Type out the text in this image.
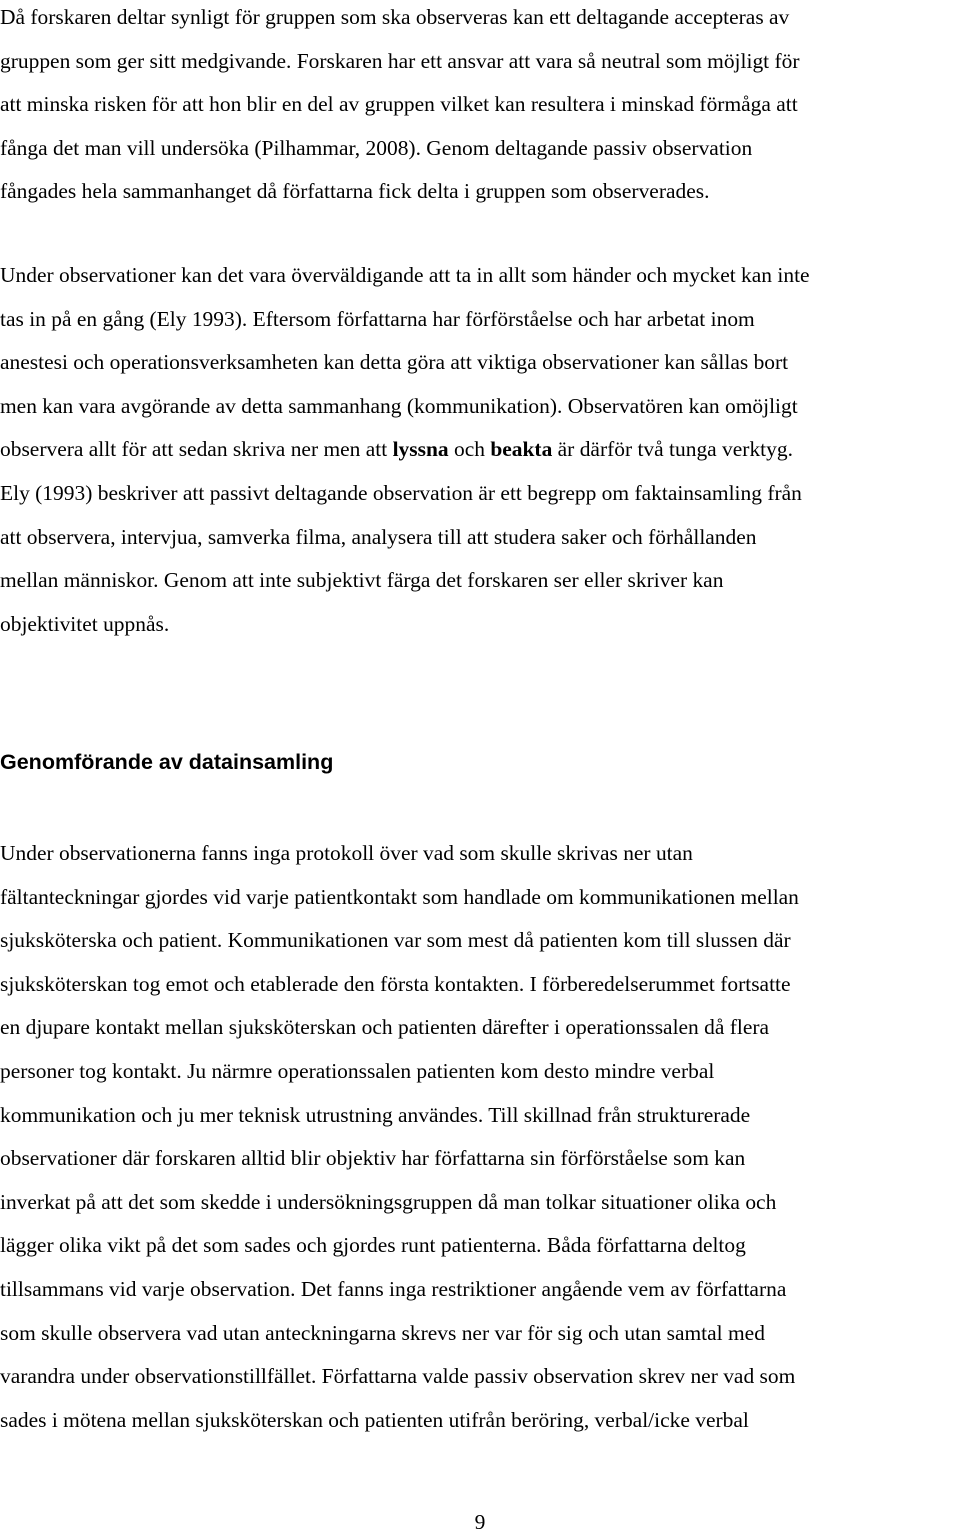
Då forskaren deltar synligt för gruppen som ska observeras kan ett deltagande accepteras av
gruppen som ger sitt medgivande. Forskaren har ett ansvar att vara så neutral som möjligt för
att minska risken för att hon blir en del av gruppen vilket kan resultera i minskad förmåga att
fånga det man vill undersöka (Pilhammar, 2008). Genom deltagande passiv observation
fångades hela sammanhanget då författarna fick delta i gruppen som observerades.

Under observationer kan det vara överväldigande att ta in allt som händer och mycket kan inte
tas in på en gång (Ely 1993). Eftersom författarna har förförståelse och har arbetat inom
anestesi och operationsverksamheten kan detta göra att viktiga observationer kan sållas bort
men kan vara avgörande av detta sammanhang (kommunikation). Observatören kan omöjligt
observera allt för att sedan skriva ner men att lyssna och beakta är därför två tunga verktyg.
Ely (1993) beskriver att passivt deltagande observation är ett begrepp om faktainsamling från
att observera, intervjua, samverka filma, analysera till att studera saker och förhållanden
mellan människor. Genom att inte subjektivt färga det forskaren ser eller skriver kan
objektivitet uppnås.

Genomförande av datainsamling

Under observationerna fanns inga protokoll över vad som skulle skrivas ner utan
fältanteckningar gjordes vid varje patientkontakt som handlade om kommunikationen mellan
sjuksköterska och patient. Kommunikationen var som mest då patienten kom till slussen där
sjuksköterskan tog emot och etablerade den första kontakten. I förberedelserummet fortsatte
en djupare kontakt mellan sjuksköterskan och patienten därefter i operationssalen då flera
personer tog kontakt. Ju närmre operationssalen patienten kom desto mindre verbal
kommunikation och ju mer teknisk utrustning användes. Till skillnad från strukturerade
observationer där forskaren alltid blir objektiv har författarna sin förförståelse som kan
inverkat på att det som skedde i undersökningsgruppen då man tolkar situationer olika och
lägger olika vikt på det som sades och gjordes runt patienterna. Båda författarna deltog
tillsammans vid varje observation. Det fanns inga restriktioner angående vem av författarna
som skulle observera vad utan anteckningarna skrevs ner var för sig och utan samtal med
varandra under observationstillfället. Författarna valde passiv observation skrev ner vad som
sades i mötena mellan sjuksköterskan och patienten utifrån beröring, verbal/icke verbal

9
